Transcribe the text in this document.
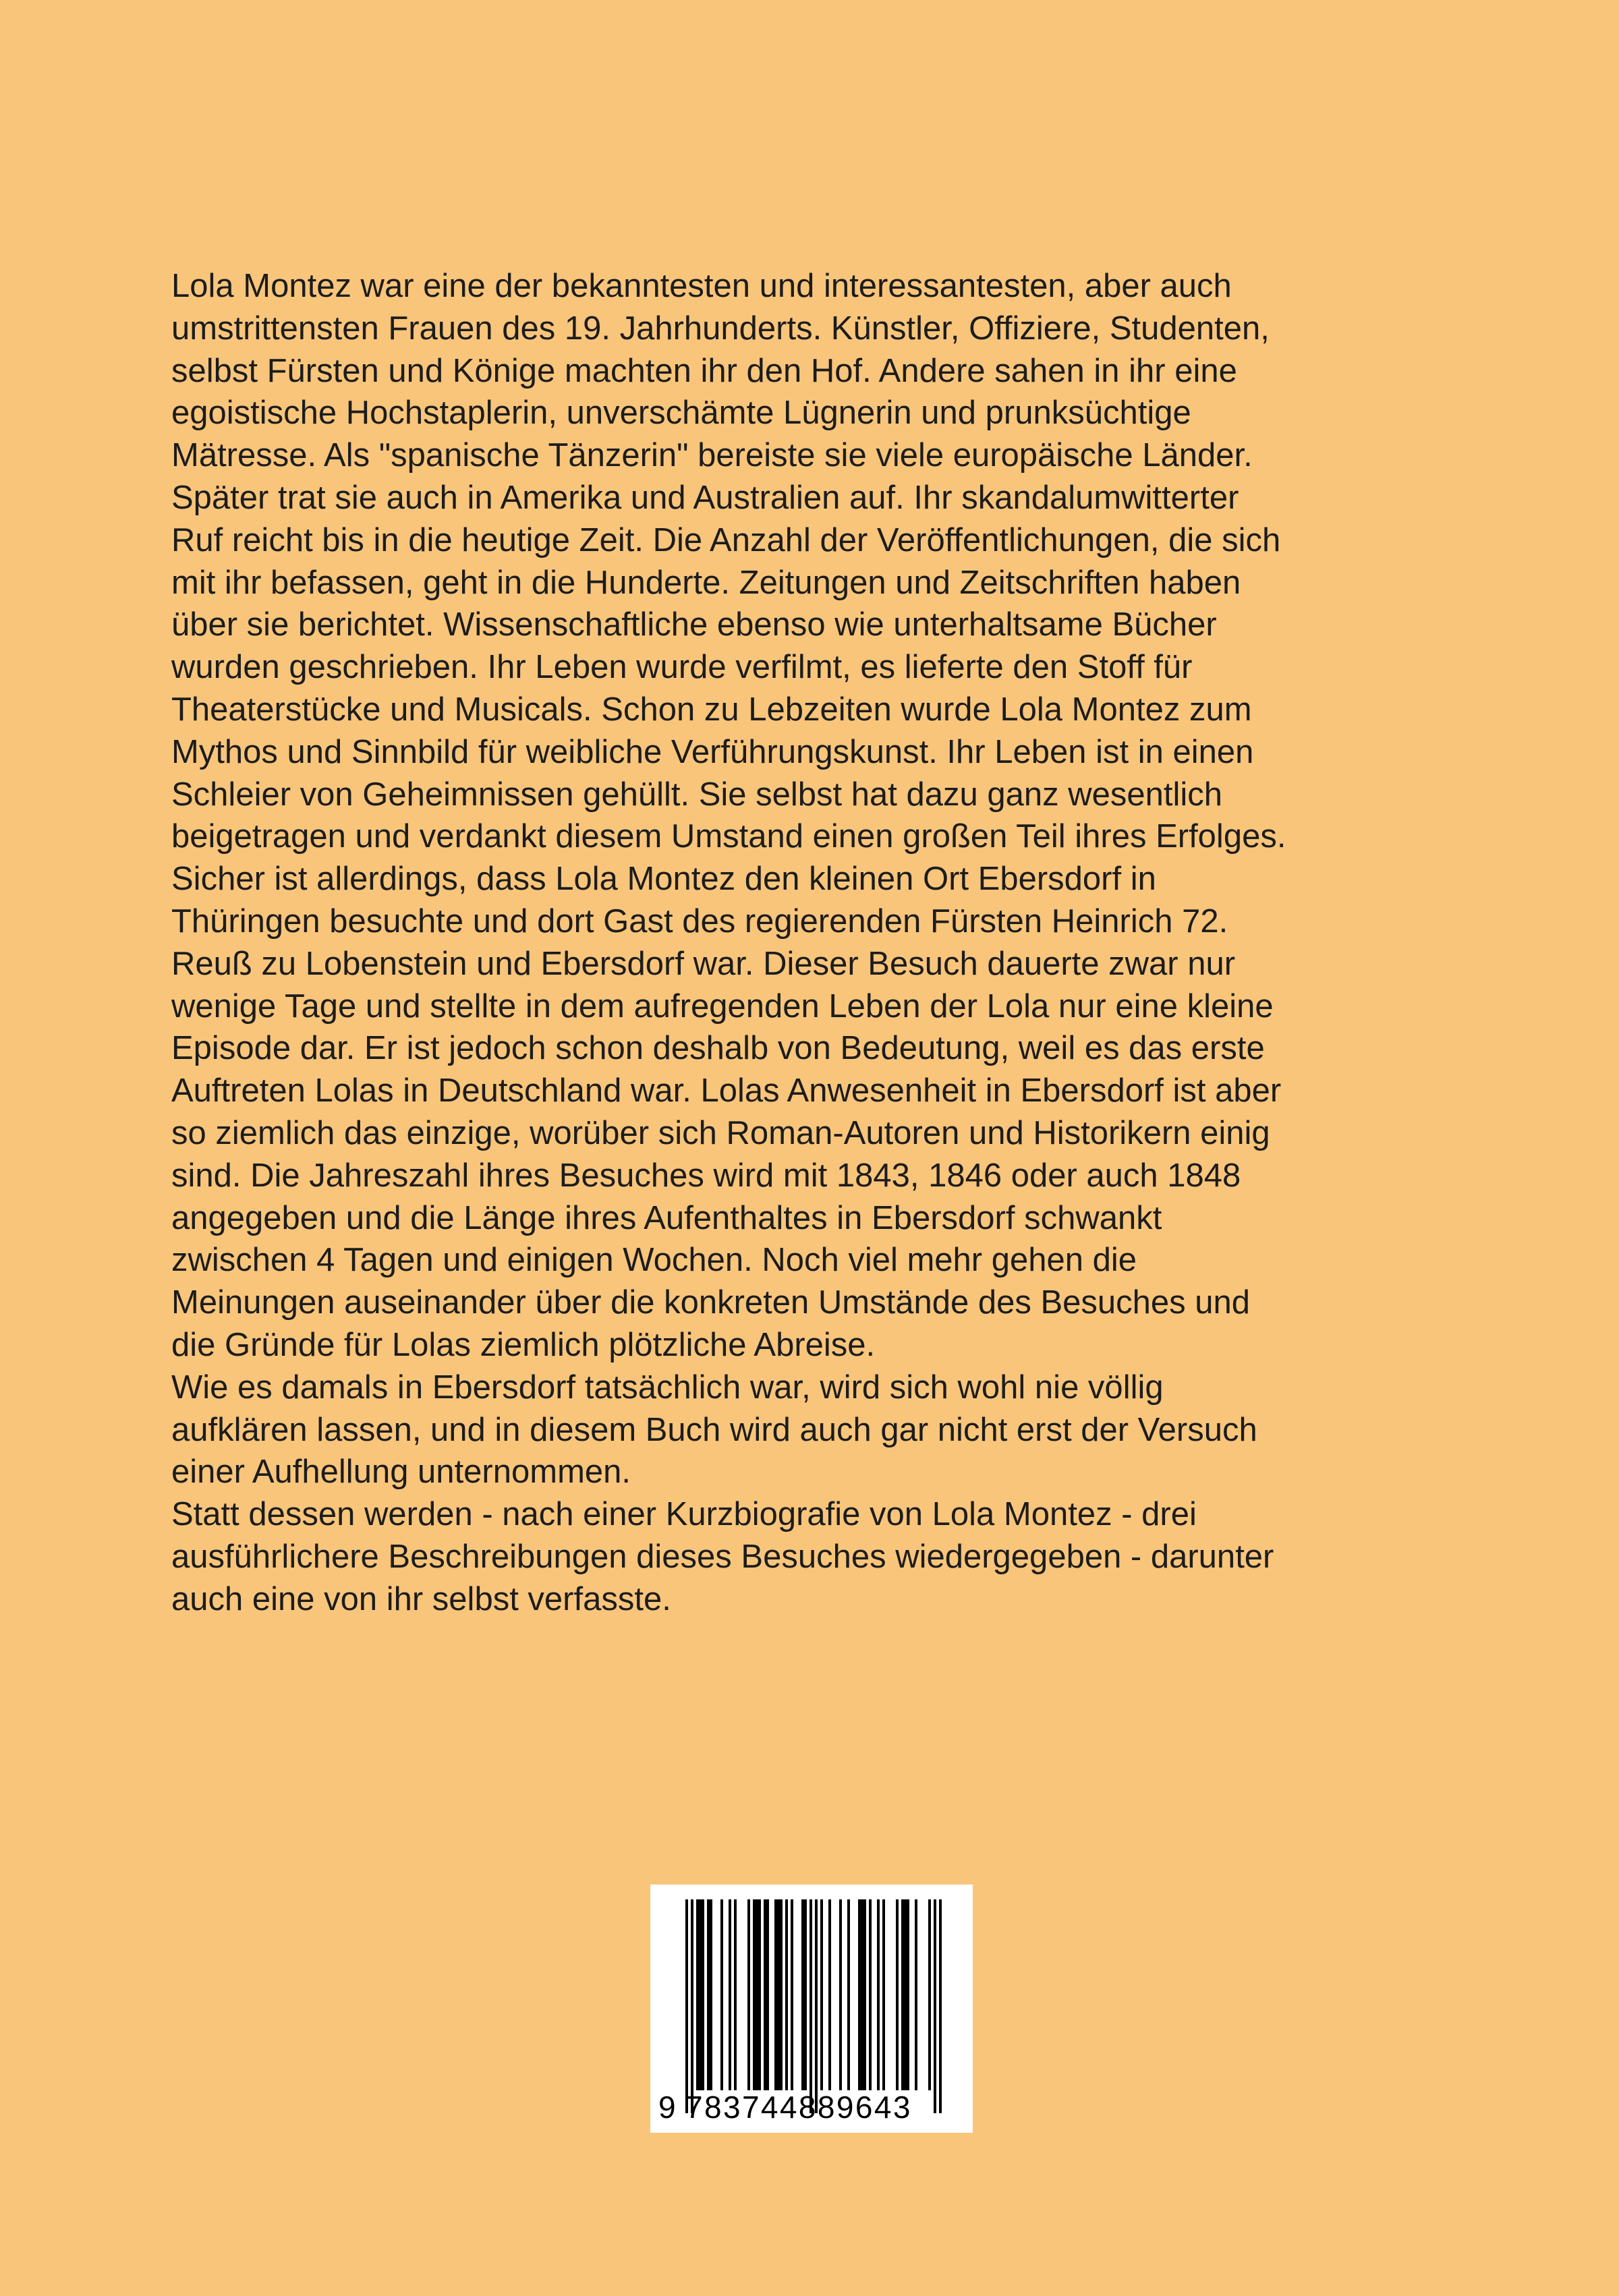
Lola Montez war eine der bekanntesten und interessantesten, aber auch
umstrittensten Frauen des 19. Jahrhunderts. Künstler, Offiziere, Studenten,
selbst Fürsten und Könige machten ihr den Hof. Andere sahen in ihr eine
egoistische Hochstaplerin, unverschämte Lügnerin und prunksüchtige
Mätresse. Als "spanische Tänzerin" bereiste sie viele europäische Länder.
Später trat sie auch in Amerika und Australien auf. Ihr skandalumwitterter
Ruf reicht bis in die heutige Zeit. Die Anzahl der Veröffentlichungen, die sich
mit ihr befassen, geht in die Hunderte. Zeitungen und Zeitschriften haben
über sie berichtet. Wissenschaftliche ebenso wie unterhaltsame Bücher
wurden geschrieben. Ihr Leben wurde verfilmt, es lieferte den Stoff für
Theaterstücke und Musicals. Schon zu Lebzeiten wurde Lola Montez zum
Mythos und Sinnbild für weibliche Verführungskunst. Ihr Leben ist in einen
Schleier von Geheimnissen gehüllt. Sie selbst hat dazu ganz wesentlich
beigetragen und verdankt diesem Umstand einen großen Teil ihres Erfolges.
Sicher ist allerdings, dass Lola Montez den kleinen Ort Ebersdorf in
Thüringen besuchte und dort Gast des regierenden Fürsten Heinrich 72.
Reuß zu Lobenstein und Ebersdorf war. Dieser Besuch dauerte zwar nur
wenige Tage und stellte in dem aufregenden Leben der Lola nur eine kleine
Episode dar. Er ist jedoch schon deshalb von Bedeutung, weil es das erste
Auftreten Lolas in Deutschland war. Lolas Anwesenheit in Ebersdorf ist aber
so ziemlich das einzige, worüber sich Roman-Autoren und Historikern einig
sind. Die Jahreszahl ihres Besuches wird mit 1843, 1846 oder auch 1848
angegeben und die Länge ihres Aufenthaltes in Ebersdorf schwankt
zwischen 4 Tagen und einigen Wochen. Noch viel mehr gehen die
Meinungen auseinander über die konkreten Umstände des Besuches und
die Gründe für Lolas ziemlich plötzliche Abreise.
Wie es damals in Ebersdorf tatsächlich war, wird sich wohl nie völlig
aufklären lassen, und in diesem Buch wird auch gar nicht erst der Versuch
einer Aufhellung unternommen.
Statt dessen werden - nach einer Kurzbiografie von Lola Montez - drei
ausführlichere Beschreibungen dieses Besuches wiedergegeben - darunter
auch eine von ihr selbst verfasste.
9 783744889643
